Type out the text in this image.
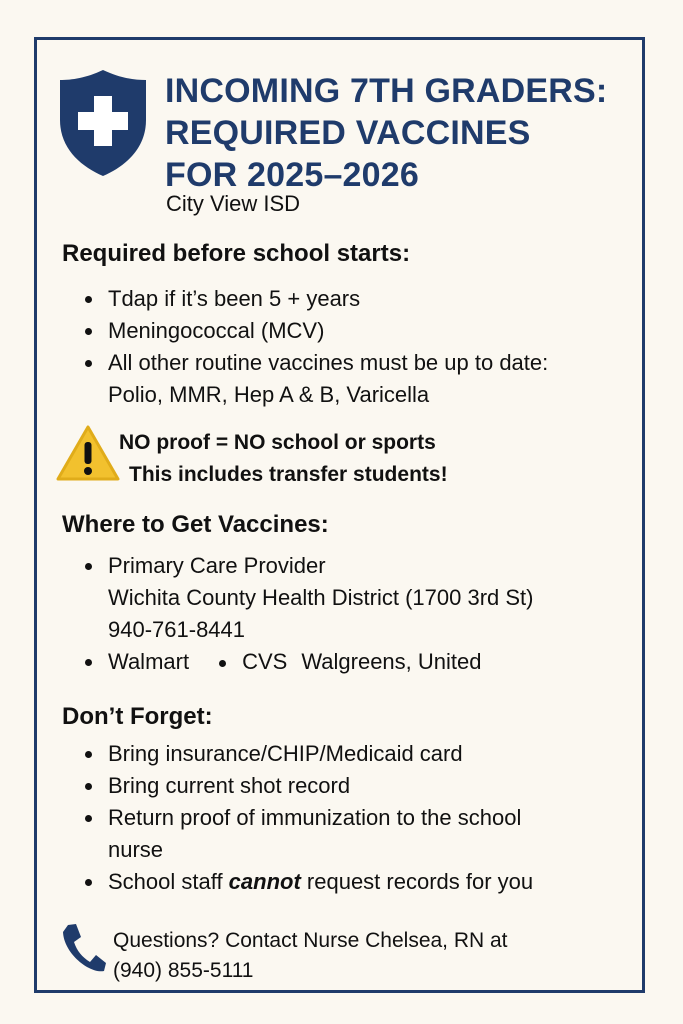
INCOMING 7TH GRADERS:
REQUIRED VACCINES
FOR 2025–2026
City View ISD
Required before school starts:
Tdap if it’s been 5 + years
Meningococcal (MCV)
All other routine vaccines must be up to date:
Polio, MMR, Hep A & B, Varicella
NO proof = NO school or sports
This includes transfer students!
Where to Get Vaccines:
Primary Care Provider
Wichita County Health District (1700 3rd St)
940-761-8441
Walmart CVS Walgreens, United
Don’t Forget:
Bring insurance/CHIP/Medicaid card
Bring current shot record
Return proof of immunization to the school
nurse
School staff cannot request records for you
Questions? Contact Nurse Chelsea, RN at
(940) 855-5111
